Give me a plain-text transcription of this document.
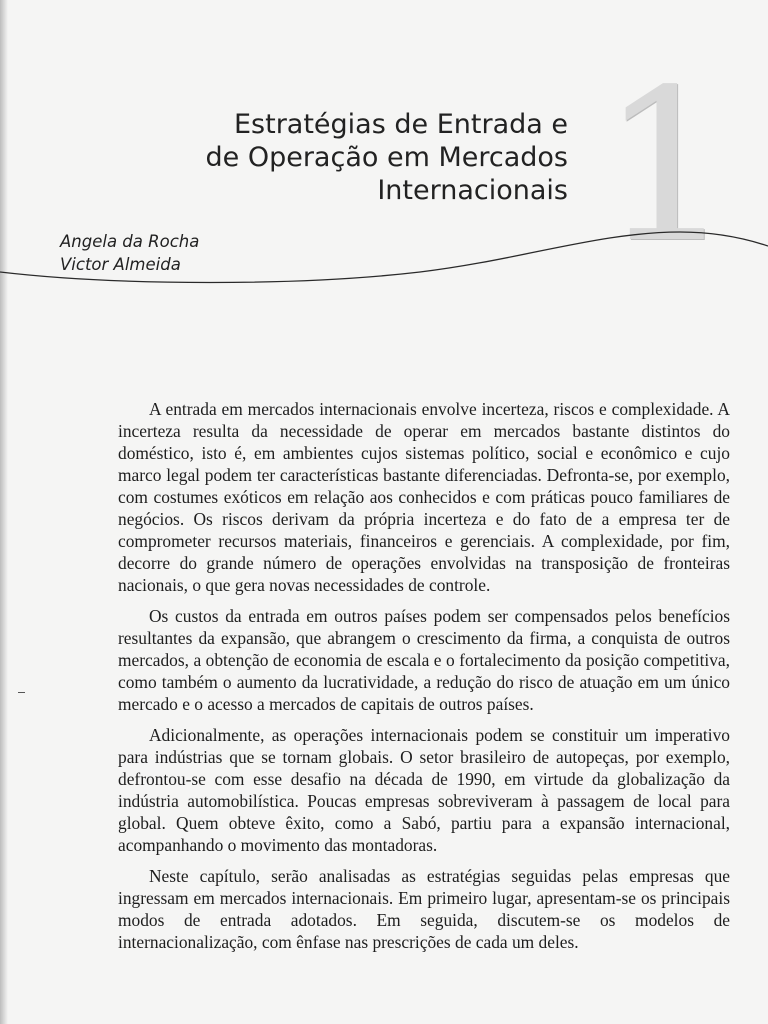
1
Estratégias de Entrada e
de Operação em Mercados
Internacionais
Angela da Rocha
Victor Almeida

A entrada em mercados internacionais envolve incerteza, riscos e complexidade. A incerteza resulta da necessidade de operar em mercados bastante distintos do doméstico, isto é, em ambientes cujos sistemas político, social e econômico e cujo marco legal podem ter características bastante diferenciadas. Defronta-se, por exemplo, com costumes exóticos em relação aos conhecidos e com práticas pouco familiares de negócios. Os riscos derivam da própria incerteza e do fato de a empresa ter de comprometer recursos materiais, financeiros e gerenciais. A complexidade, por fim, decorre do grande número de operações envolvidas na transposição de fronteiras nacionais, o que gera novas necessidades de controle.

Os custos da entrada em outros países podem ser compensados pelos benefícios resultantes da expansão, que abrangem o crescimento da firma, a conquista de outros mercados, a obtenção de economia de escala e o fortalecimento da posição competitiva, como também o aumento da lucratividade, a redução do risco de atuação em um único mercado e o acesso a mercados de capitais de outros países.

Adicionalmente, as operações internacionais podem se constituir um imperativo para indústrias que se tornam globais. O setor brasileiro de autopeças, por exemplo, defrontou-se com esse desafio na década de 1990, em virtude da globalização da indústria automobilística. Poucas empresas sobreviveram à passagem de local para global. Quem obteve êxito, como a Sabó, partiu para a expansão internacional, acompanhando o movimento das montadoras.

Neste capítulo, serão analisadas as estratégias seguidas pelas empresas que ingressam em mercados internacionais. Em primeiro lugar, apresentam-se os principais modos de entrada adotados. Em seguida, discutem-se os modelos de internacionalização, com ênfase nas prescrições de cada um deles.
